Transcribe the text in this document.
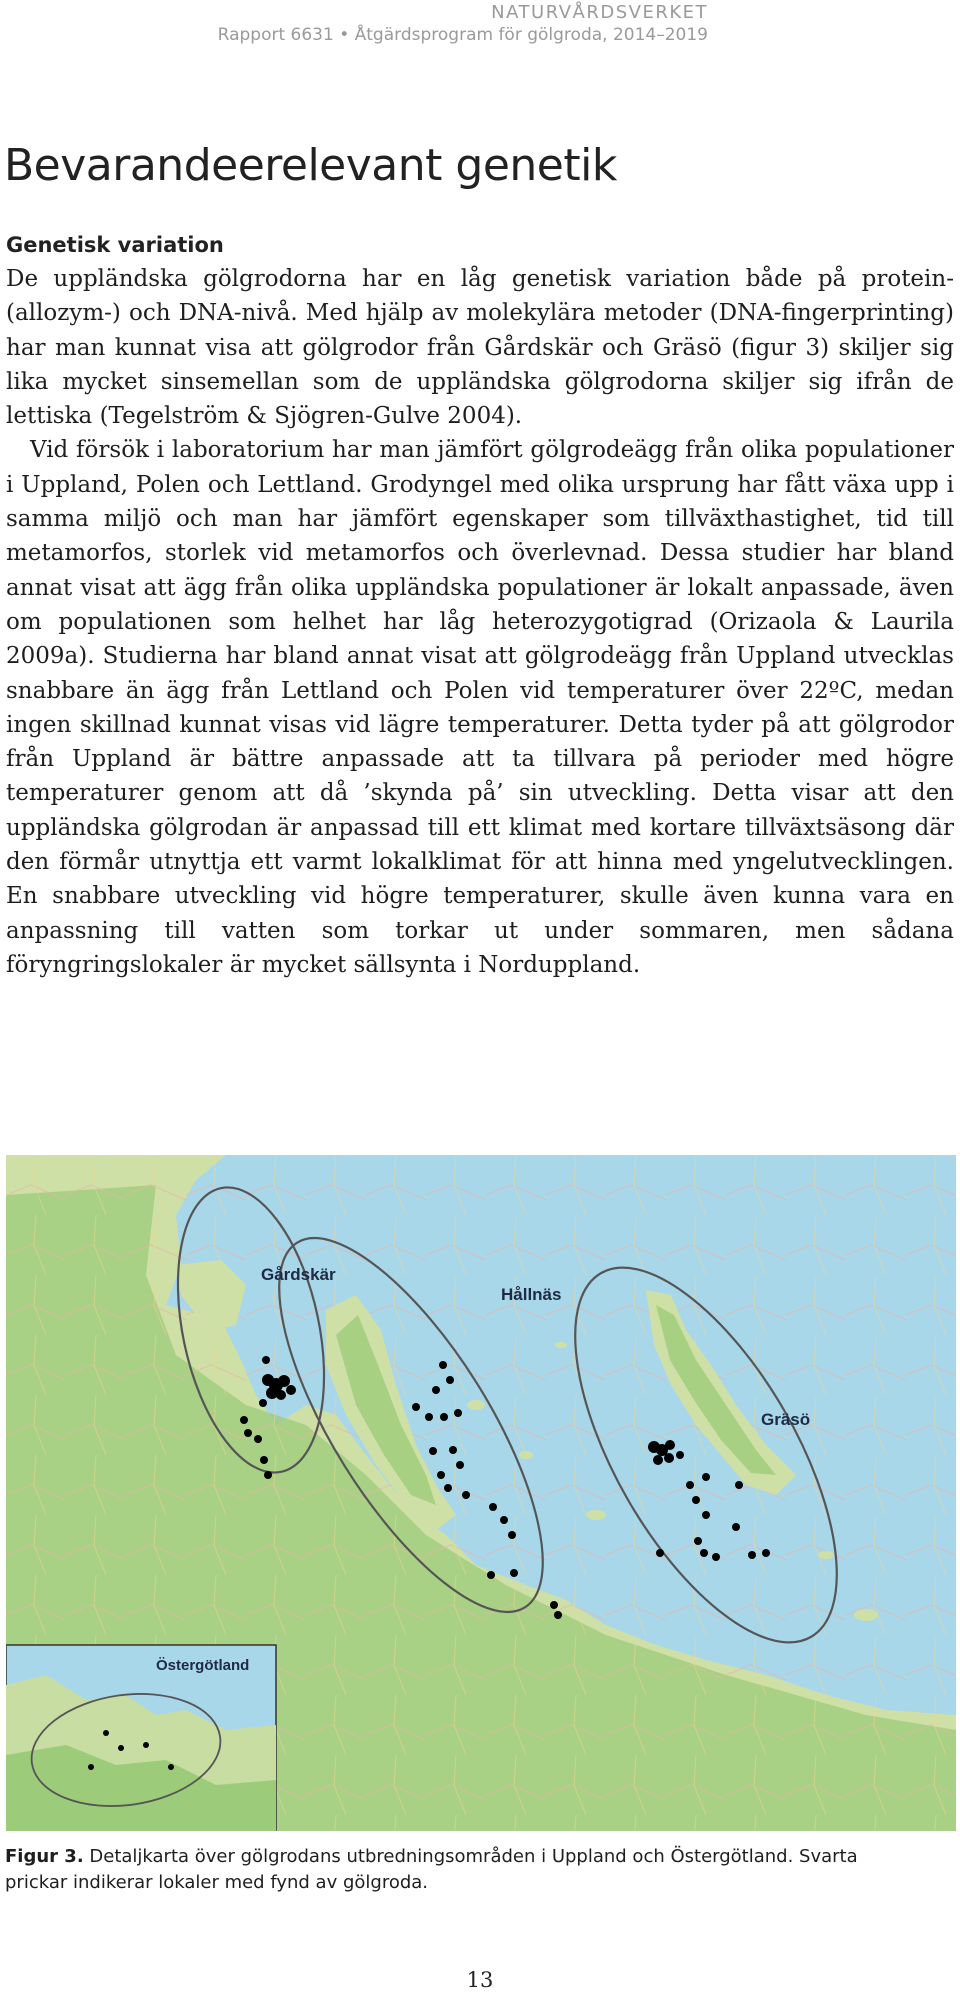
NATURVÅRDSVERKET
Rapport 6631 • Åtgärdsprogram för gölgroda, 2014–2019
Bevarandeerelevant genetik
Genetisk variation

De uppländska gölgrodorna har en låg genetisk variation både på protein- (allozym-) och DNA-nivå. Med hjälp av molekylära metoder (DNA-fingerprinting) har man kunnat visa att gölgrodor från Gårdskär och Gräsö (figur 3) skiljer sig lika mycket sinsemellan som de uppländska gölgrodorna skiljer sig ifrån de lettiska (Tegelström & Sjögren-Gulve 2004).

Vid försök i laboratorium har man jämfört gölgrodeägg från olika populationer i Uppland, Polen och Lettland. Grodyngel med olika ursprung har fått växa upp i samma miljö och man har jämfört egenskaper som tillväxthastighet, tid till metamorfos, storlek vid metamorfos och överlevnad. Dessa studier har bland annat visat att ägg från olika uppländska populationer är lokalt anpassade, även om populationen som helhet har låg heterozygotigrad (Orizaola & Laurila 2009a). Studierna har bland annat visat att gölgrodeägg från Uppland utvecklas snabbare än ägg från Lettland och Polen vid temperaturer över 22ºC, medan ingen skillnad kunnat visas vid lägre temperaturer. Detta tyder på att gölgrodor från Uppland är bättre anpassade att ta tillvara på perioder med högre temperaturer genom att då ’skynda på’ sin utveckling. Detta visar att den uppländska gölgrodan är anpassad till ett klimat med kortare tillväxtsäsong där den förmår utnyttja ett varmt lokalklimat för att hinna med yngelutvecklingen. En snabbare utveckling vid högre temperaturer, skulle även kunna vara en anpassning till vatten som torkar ut under sommaren, men sådana föryngringslokaler är mycket sällsynta i Norduppland.

Gårdskär
Hållnäs
Gräsö
Östergötland
Figur 3. Detaljkarta över gölgrodans utbredningsområden i Uppland och Östergötland. Svarta prickar indikerar lokaler med fynd av gölgroda.
13
